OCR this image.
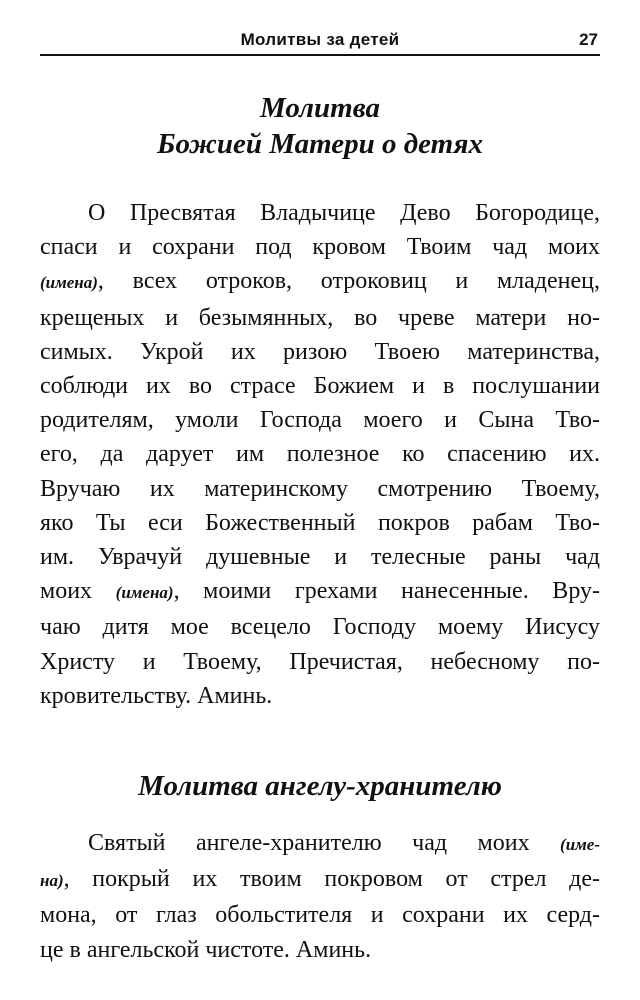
Молитвы за детей	27
Молитва
Божией Матери о детях
О Пресвятая Владычице Дево Богородице,
спаси и сохрани под кровом Твоим чад моих
(имена), всех отроков, отроковиц и младенец,
крещеных и безымянных, во чреве матери но-
симых. Укрой их ризою Твоею материнства,
соблюди их во страсе Божием и в послушании
родителям, умоли Господа моего и Сына Тво-
его, да дарует им полезное ко спасению их.
Вручаю их материнскому смотрению Твоему,
яко Ты еси Божественный покров рабам Тво-
им. Уврачуй душевные и телесные раны чад
моих (имена), моими грехами нанесенные. Вру-
чаю дитя мое всецело Господу моему Иисусу
Христу и Твоему, Пречистая, небесному по-
кровительству. Аминь.
Молитва ангелу-хранителю
Святый ангеле-хранителю чад моих (име-
на), покрый их твоим покровом от стрел де-
мона, от глаз обольстителя и сохрани их серд-
це в ангельской чистоте. Аминь.
